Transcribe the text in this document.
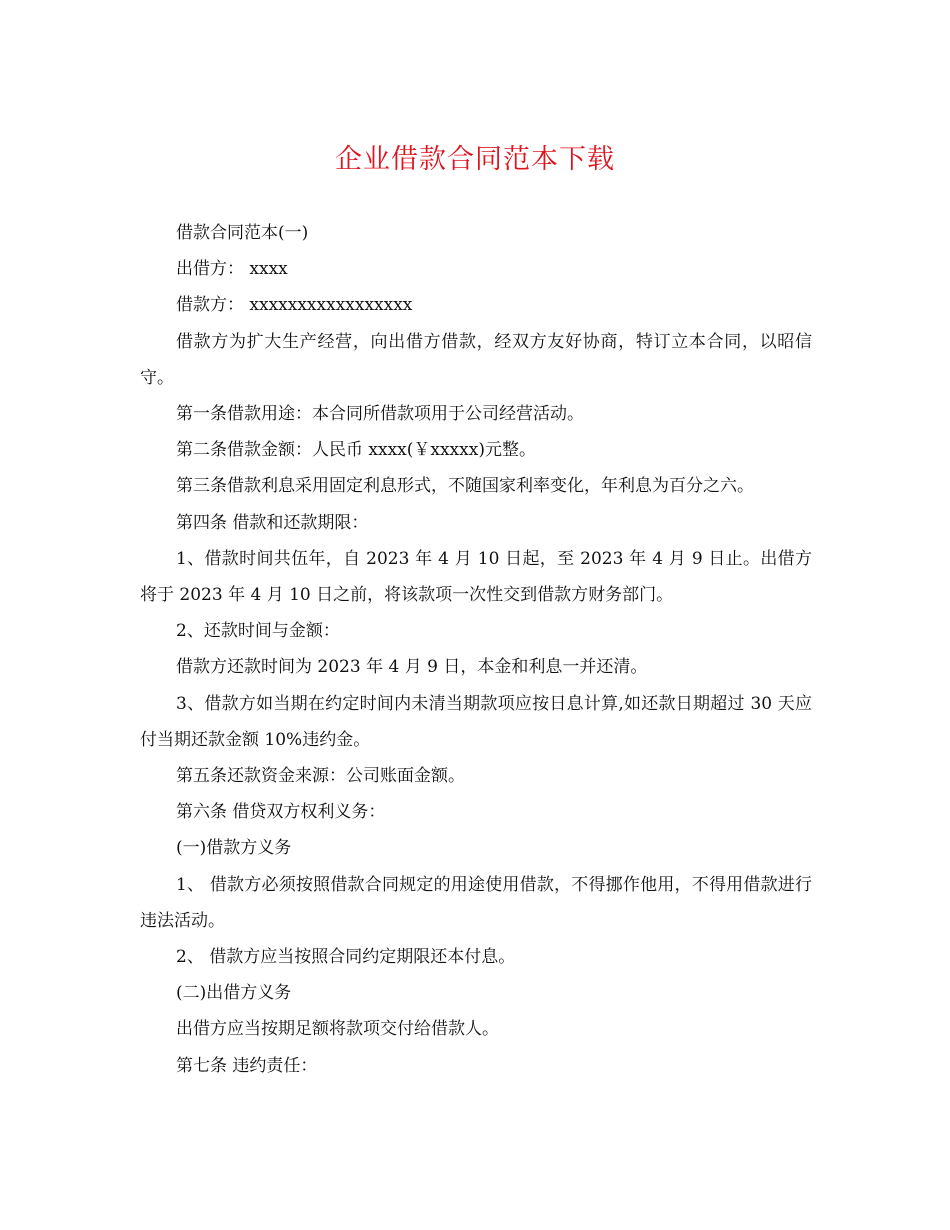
企业借款合同范本下载

借款合同范本(一)

出借方： xxxx

借款方： xxxxxxxxxxxxxxxxx

借款方为扩大生产经营，向出借方借款，经双方友好协商，特订立本合同，以昭信守。

第一条借款用途：本合同所借款项用于公司经营活动。

第二条借款金额：人民币 xxxx(￥xxxxx)元整。

第三条借款利息采用固定利息形式，不随国家利率变化，年利息为百分之六。

第四条 借款和还款期限：

1、借款时间共伍年，自 2023 年 4 月 10 日起，至 2023 年 4 月 9 日止。出借方将于 2023 年 4 月 10 日之前，将该款项一次性交到借款方财务部门。

2、还款时间与金额：

借款方还款时间为 2023 年 4 月 9 日，本金和利息一并还清。

3、借款方如当期在约定时间内未清当期款项应按日息计算,如还款日期超过 30 天应付当期还款金额 10%违约金。

第五条还款资金来源：公司账面金额。

第六条 借贷双方权利义务：

(一)借款方义务

1、 借款方必须按照借款合同规定的用途使用借款，不得挪作他用，不得用借款进行违法活动。

2、 借款方应当按照合同约定期限还本付息。

(二)出借方义务

出借方应当按期足额将款项交付给借款人。

第七条 违约责任：
